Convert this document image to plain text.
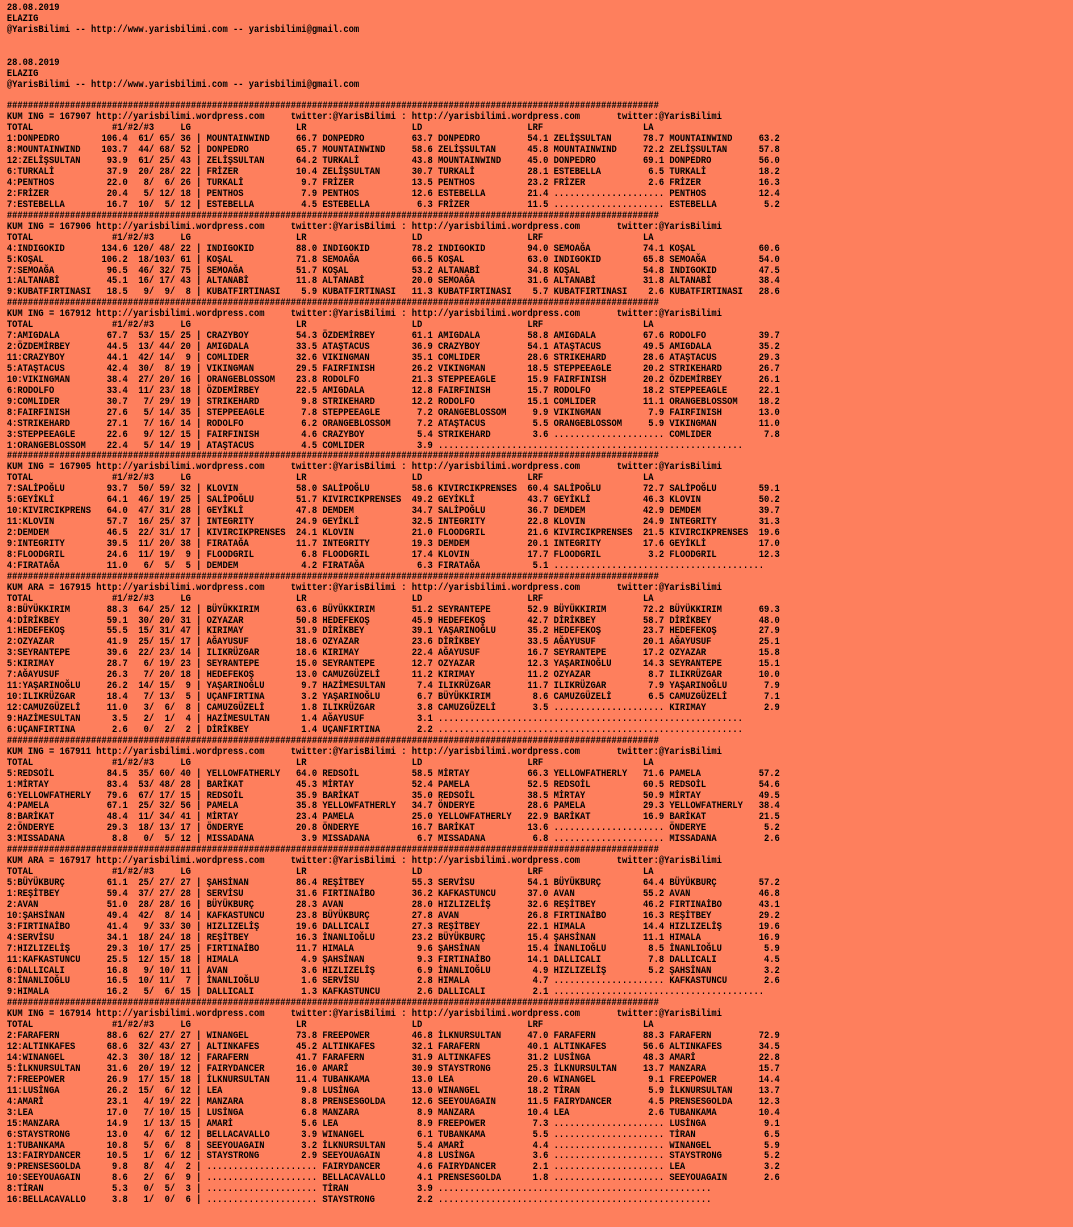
28.08.2019
ELAZIG
@YarisBilimi -- http://www.yarisbilimi.com -- yarisbilimi@gmail.com

28.08.2019
ELAZIG
@YarisBilimi -- http://www.yarisbilimi.com -- yarisbilimi@gmail.com

############################################################################################################################
KUM ING = 167907 http://yarisbilimi.wordpress.com     twitter:@YarisBilimi : http://yarisbilimi.wordpress.com       twitter:@YarisBilimi
TOTAL               #1/#2/#3     LG                    LR                    LD                    LRF                   LA
1:DONPEDRO        106.4  61/ 65/ 36 | MOUNTAINWIND     66.7 DONPEDRO         63.7 DONPEDRO         54.1 ZELİŞSULTAN      78.7 MOUNTAINWIND     63.2
8:MOUNTAINWIND    103.7  44/ 68/ 52 | DONPEDRO         65.7 MOUNTAINWIND     58.6 ZELİŞSULTAN      45.8 MOUNTAINWIND     72.2 ZELİŞSULTAN      57.8
12:ZELİŞSULTAN     93.9  61/ 25/ 43 | ZELİŞSULTAN      64.2 TURKALİ          43.8 MOUNTAINWIND     45.0 DONPEDRO         69.1 DONPEDRO         56.0
6:TURKALİ          37.9  20/ 28/ 22 | FRİZER           10.4 ZELİŞSULTAN      30.7 TURKALİ          28.1 ESTEBELLA         6.5 TURKALİ          18.2
4:PENTHOS          22.0   8/  6/ 26 | TURKALİ           9.7 FRİZER           13.5 PENTHOS          23.2 FRİZER            2.6 FRİZER           16.3
2:FRİZER           20.4   5/ 12/ 18 | PENTHOS           7.9 PENTHOS          12.6 ESTEBELLA        21.4 ..................... PENTHOS          12.4
7:ESTEBELLA        16.7  10/  5/ 12 | ESTEBELLA         4.5 ESTEBELLA         6.3 FRİZER           11.5 ..................... ESTEBELLA         5.2
############################################################################################################################
KUM ING = 167906 http://yarisbilimi.wordpress.com     twitter:@YarisBilimi : http://yarisbilimi.wordpress.com       twitter:@YarisBilimi
TOTAL               #1/#2/#3     LG                    LR                    LD                    LRF                   LA
4:INDIGOKID       134.6 120/ 48/ 22 | INDIGOKID        88.0 INDIGOKID        78.2 INDIGOKID        94.0 SEMOAĞA          74.1 KOŞAL            60.6
5:KOŞAL           106.2  18/103/ 61 | KOŞAL            71.8 SEMOAĞA          66.5 KOŞAL            63.0 INDIGOKID        65.8 SEMOAĞA          54.0
7:SEMOAĞA          96.5  46/ 32/ 75 | SEMOAĞA          51.7 KOŞAL            53.2 ALTANABİ         34.8 KOŞAL            54.8 INDIGOKID        47.5
1:ALTANABİ         45.1  16/ 17/ 43 | ALTANABİ         11.8 ALTANABİ         20.0 SEMOAĞA          31.6 ALTANABİ         31.8 ALTANABİ         38.4
9:KUBATFIRTINASI   18.5   9/  9/  8 | KUBATFIRTINASI    5.9 KUBATFIRTINASI   11.3 KUBATFIRTINASI    5.7 KUBATFIRTINASI    2.6 KUBATFIRTINASI   28.6
############################################################################################################################
KUM ING = 167912 http://yarisbilimi.wordpress.com     twitter:@YarisBilimi : http://yarisbilimi.wordpress.com       twitter:@YarisBilimi
TOTAL               #1/#2/#3     LG                    LR                    LD                    LRF                   LA
7:AMIGDALA         67.7  53/ 15/ 25 | CRAZYBOY         54.3 ÖZDEMİRBEY       61.1 AMIGDALA         58.8 AMIGDALA         67.6 RODOLFO          39.7
2:ÖZDEMİRBEY       44.5  13/ 44/ 20 | AMIGDALA         33.5 ATAŞTACUS        36.9 CRAZYBOY         54.1 ATAŞTACUS        49.5 AMIGDALA         35.2
11:CRAZYBOY        44.1  42/ 14/  9 | COMLIDER         32.6 VIKINGMAN        35.1 COMLIDER         28.6 STRIKEHARD       28.6 ATAŞTACUS        29.3
5:ATAŞTACUS        42.4  30/  8/ 19 | VIKINGMAN        29.5 FAIRFINISH       26.2 VIKINGMAN        18.5 STEPPEEAGLE      20.2 STRIKEHARD       26.7
10:VIKINGMAN       38.4  27/ 20/ 16 | ORANGEBLOSSOM    23.8 RODOLFO          21.3 STEPPEEAGLE      15.9 FAIRFINISH       20.2 ÖZDEMİRBEY       26.1
6:RODOLFO          33.4  11/ 23/ 18 | ÖZDEMİRBEY       22.5 AMIGDALA         12.8 FAIRFINISH       15.7 RODOLFO          18.2 STEPPEEAGLE      22.1
9:COMLIDER         30.7   7/ 29/ 19 | STRIKEHARD        9.8 STRIKEHARD       12.2 RODOLFO          15.1 COMLIDER         11.1 ORANGEBLOSSOM    18.2
8:FAIRFINISH       27.6   5/ 14/ 35 | STEPPEEAGLE       7.8 STEPPEEAGLE       7.2 ORANGEBLOSSOM     9.9 VIKINGMAN         7.9 FAIRFINISH       13.0
4:STRIKEHARD       27.1   7/ 16/ 14 | RODOLFO           6.2 ORANGEBLOSSOM     7.2 ATAŞTACUS         5.5 ORANGEBLOSSOM     5.9 VIKINGMAN        11.0
3:STEPPEEAGLE      22.6   9/ 12/ 15 | FAIRFINISH        4.6 CRAZYBOY          5.4 STRIKEHARD        3.6 ..................... COMLIDER          7.8
1:ORANGEBLOSSOM    22.4   5/ 14/ 19 | ATAŞTACUS         4.5 COMLIDER          3.9 ..........................................................
############################################################################################################################
KUM ING = 167905 http://yarisbilimi.wordpress.com     twitter:@YarisBilimi : http://yarisbilimi.wordpress.com       twitter:@YarisBilimi
TOTAL               #1/#2/#3     LG                    LR                    LD                    LRF                   LA
7:SALİPOĞLU        93.7  50/ 59/ 32 | KLOVIN           58.0 SALİPOĞLU        58.6 KIVIRCIKPRENSES  60.4 SALİPOĞLU        72.7 SALİPOĞLU        59.1
5:GEYİKLİ          64.1  46/ 19/ 25 | SALİPOĞLU        51.7 KIVIRCIKPRENSES  49.2 GEYİKLİ          43.7 GEYİKLİ          46.3 KLOVIN           50.2
10:KIVIRCIKPRENS   64.0  47/ 31/ 28 | GEYİKLİ          47.8 DEMDEM           34.7 SALİPOĞLU        36.7 DEMDEM           42.9 DEMDEM           39.7
11:KLOVIN          57.7  16/ 25/ 37 | INTEGRITY        24.9 GEYİKLİ          32.5 INTEGRITY        22.8 KLOVIN           24.9 INTEGRITY        31.3
2:DEMDEM           46.5  22/ 31/ 17 | KIVIRCIKPRENSES  24.1 KLOVIN           21.0 FLOODGRIL        21.6 KIVIRCIKPRENSES  21.5 KIVIRCIKPRENSES  19.6
9:INTEGRITY        39.5  11/ 20/ 38 | FIRATAĞA         11.7 INTEGRITY        19.3 DEMDEM           20.1 INTEGRITY        17.6 GEYİKLİ          17.0
8:FLOODGRIL        24.6  11/ 19/  9 | FLOODGRIL         6.8 FLOODGRIL        17.4 KLOVIN           17.7 FLOODGRIL         3.2 FLOODGRIL        12.3
4:FIRATAĞA         11.0   6/  5/  5 | DEMDEM            4.2 FIRATAĞA          6.3 FIRATAĞA          5.1 ........................................
############################################################################################################################
KUM ARA = 167915 http://yarisbilimi.wordpress.com     twitter:@YarisBilimi : http://yarisbilimi.wordpress.com       twitter:@YarisBilimi
TOTAL               #1/#2/#3     LG                    LR                    LD                    LRF                   LA
8:BÜYÜKKIRIM       88.3  64/ 25/ 12 | BÜYÜKKIRIM       63.6 BÜYÜKKIRIM       51.2 SEYRANTEPE       52.9 BÜYÜKKIRIM       72.2 BÜYÜKKIRIM       69.3
4:DİRİKBEY         59.1  30/ 20/ 31 | OZYAZAR          50.8 HEDEFEKOŞ        45.9 HEDEFEKOŞ        42.7 DİRİKBEY         58.7 DİRİKBEY         48.0
1:HEDEFEKOŞ        55.5  15/ 31/ 47 | KIRIMAY          31.9 DİRİKBEY         39.1 YAŞARINOĞLU      35.2 HEDEFEKOŞ        23.7 HEDEFEKOŞ        27.9
2:OZYAZAR          41.9  25/ 15/ 17 | AĞAYUSUF         18.6 OZYAZAR          23.6 DİRİKBEY         33.5 AĞAYUSUF         20.1 AĞAYUSUF         25.1
3:SEYRANTEPE       39.6  22/ 23/ 14 | ILIKRÜZGAR       18.6 KIRIMAY          22.4 AĞAYUSUF         16.7 SEYRANTEPE       17.2 OZYAZAR          15.8
5:KIRIMAY          28.7   6/ 19/ 23 | SEYRANTEPE       15.0 SEYRANTEPE       12.7 OZYAZAR          12.3 YAŞARINOĞLU      14.3 SEYRANTEPE       15.1
7:AĞAYUSUF         26.3   7/ 20/ 18 | HEDEFEKOŞ        13.0 CAMUZGÜZELİ      11.2 KIRIMAY          11.2 OZYAZAR           8.7 ILIKRÜZGAR       10.0
11:YAŞARINOĞLU     26.2  14/ 15/  9 | YAŞARINOĞLU       9.7 HAZİMESULTAN      7.4 ILIKRÜZGAR       11.7 ILIKRÜZGAR        7.9 YAŞARINOĞLU       7.9
10:ILIKRÜZGAR      18.4   7/ 13/  5 | UÇANFIRTINA       3.2 YAŞARINOĞLU       6.7 BÜYÜKKIRIM        8.6 CAMUZGÜZELİ       6.5 CAMUZGÜZELİ       7.1
12:CAMUZGÜZELİ     11.0   3/  6/  8 | CAMUZGÜZELİ       1.8 ILIKRÜZGAR        3.8 CAMUZGÜZELİ       3.5 ..................... KIRIMAY           2.9
9:HAZİMESULTAN      3.5   2/  1/  4 | HAZİMESULTAN      1.4 AĞAYUSUF          3.1 ..........................................................
6:UÇANFIRTINA       2.6   0/  2/  2 | DİRİKBEY          1.4 UÇANFIRTINA       2.2 ..........................................................
############################################################################################################################
KUM ING = 167911 http://yarisbilimi.wordpress.com     twitter:@YarisBilimi : http://yarisbilimi.wordpress.com       twitter:@YarisBilimi
TOTAL               #1/#2/#3     LG                    LR                    LD                    LRF                   LA
5:REDSOİL          84.5  35/ 60/ 40 | YELLOWFATHERLY   64.0 REDSOİL          58.5 MİRTAY           66.3 YELLOWFATHERLY   71.6 PAMELA           57.2
1:MİRTAY           83.4  53/ 48/ 28 | BARİKAT          45.3 MİRTAY           52.4 PAMELA           52.5 REDSOİL          60.5 REDSOİL          54.6
6:YELLOWFATHERLY   79.6  67/ 17/ 15 | REDSOİL          35.9 BARİKAT          35.0 REDSOİL          38.5 MİRTAY           50.9 MİRTAY           49.5
4:PAMELA           67.1  25/ 32/ 56 | PAMELA           35.8 YELLOWFATHERLY   34.7 ÖNDERYE          28.6 PAMELA           29.3 YELLOWFATHERLY   38.4
8:BARİKAT          48.4  11/ 34/ 41 | MİRTAY           23.4 PAMELA           25.0 YELLOWFATHERLY   22.9 BARİKAT          16.9 BARİKAT          21.5
2:ÖNDERYE          29.3  18/ 13/ 17 | ÖNDERYE          20.8 ÖNDERYE          16.7 BARİKAT          13.6 ..................... ÖNDERYE           5.2
3:MISSADANA         8.8   0/  5/ 12 | MISSADANA         3.9 MISSADANA         6.7 MISSADANA         6.8 ..................... MISSADANA         2.6
############################################################################################################################
KUM ARA = 167917 http://yarisbilimi.wordpress.com     twitter:@YarisBilimi : http://yarisbilimi.wordpress.com       twitter:@YarisBilimi
TOTAL               #1/#2/#3     LG                    LR                    LD                    LRF                   LA
5:BÜYÜKBURÇ        61.1  25/ 27/ 27 | ŞAHSİNAN         86.4 REŞİTBEY         55.3 SERVİSU          54.1 BÜYÜKBURÇ        64.4 BÜYÜKBURÇ        57.2
1:REŞİTBEY         59.4  37/ 27/ 28 | SERVİSU          31.6 FIRTINAİBO       36.2 KAFKASTUNCU      37.0 AVAN             55.2 AVAN             46.8
2:AVAN             51.0  28/ 28/ 16 | BÜYÜKBURÇ        28.3 AVAN             28.0 HIZLIZELİŞ       32.6 REŞİTBEY         46.2 FIRTINAİBO       43.1
10:ŞAHSİNAN        49.4  42/  8/ 14 | KAFKASTUNCU      23.8 BÜYÜKBURÇ        27.8 AVAN             26.8 FIRTINAİBO       16.3 REŞİTBEY         29.2
3:FIRTINAİBO       41.4   9/ 33/ 30 | HIZLIZELİŞ       19.6 DALLICALI        27.3 REŞİTBEY         22.1 HIMALA           14.4 HIZLIZELİŞ       19.6
4:SERVİSU          34.1  18/ 24/ 18 | REŞİTBEY         16.3 İNANLIOĞLU       23.2 BÜYÜKBURÇ        15.4 ŞAHSİNAN         11.1 HIMALA           16.9
7:HIZLIZELİŞ       29.3  10/ 17/ 25 | FIRTINAİBO       11.7 HIMALA            9.6 ŞAHSİNAN         15.4 İNANLIOĞLU        8.5 İNANLIOĞLU        5.9
11:KAFKASTUNCU     25.5  12/ 15/ 18 | HIMALA            4.9 ŞAHSİNAN          9.3 FIRTINAİBO       14.1 DALLICALI         7.8 DALLICALI         4.5
6:DALLICALI        16.8   9/ 10/ 11 | AVAN              3.6 HIZLIZELİŞ        6.9 İNANLIOĞLU        4.9 HIZLIZELİŞ        5.2 ŞAHSİNAN          3.2
8:İNANLIOĞLU       16.5  10/ 11/  7 | İNANLIOĞLU        1.6 SERVİSU           2.8 HIMALA            4.7 ..................... KAFKASTUNCU       2.6
9:HIMALA           16.2   5/  6/ 15 | DALLICALI         1.3 KAFKASTUNCU       2.6 DALLICALI         2.1 ........................................
############################################################################################################################
KUM ING = 167914 http://yarisbilimi.wordpress.com     twitter:@YarisBilimi : http://yarisbilimi.wordpress.com       twitter:@YarisBilimi
TOTAL               #1/#2/#3     LG                    LR                    LD                    LRF                   LA
2:FARAFERN         88.6  62/ 27/ 27 | WINANGEL         73.8 FREEPOWER        46.8 İLKNURSULTAN     47.0 FARAFERN         88.3 FARAFERN         72.9
12:ALTINKAFES      68.6  32/ 43/ 27 | ALTINKAFES       45.2 ALTINKAFES       32.1 FARAFERN         40.1 ALTINKAFES       56.6 ALTINKAFES       34.5
14:WINANGEL        42.3  30/ 18/ 12 | FARAFERN         41.7 FARAFERN         31.9 ALTINKAFES       31.2 LUSİNGA          48.3 AMARİ            22.8
5:İLKNURSULTAN     31.6  20/ 19/ 12 | FAIRYDANCER      16.0 AMARİ            30.9 STAYSTRONG       25.3 İLKNURSULTAN     13.7 MANZARA          15.7
7:FREEPOWER        26.9  17/ 15/ 18 | İLKNURSULTAN     11.4 TUBANKAMA        13.0 LEA              20.6 WINANGEL          9.1 FREEPOWER        14.4
11:LUSİNGA         26.2  15/  6/ 12 | LEA               9.8 LUSİNGA          13.0 WINANGEL         18.2 TİRAN             5.9 İLKNURSULTAN     13.7
4:AMARİ            23.1   4/ 19/ 22 | MANZARA           8.8 PRENSESGOLDA     12.6 SEEYOUAGAIN      11.5 FAIRYDANCER       4.5 PRENSESGOLDA     12.3
3:LEA              17.0   7/ 10/ 15 | LUSİNGA           6.8 MANZARA           8.9 MANZARA          10.4 LEA               2.6 TUBANKAMA        10.4
15:MANZARA         14.9   1/ 13/ 15 | AMARİ             5.6 LEA               8.9 FREEPOWER         7.3 ..................... LUSİNGA           9.1
6:STAYSTRONG       13.0   4/  6/ 12 | BELLACAVALLO      3.9 WINANGEL          6.1 TUBANKAMA         5.5 ..................... TİRAN             6.5
1:TUBANKAMA        10.8   5/  6/  8 | SEEYOUAGAIN       3.2 İLKNURSULTAN      5.4 AMARİ             4.4 ..................... WINANGEL          5.9
13:FAIRYDANCER     10.5   1/  6/ 12 | STAYSTRONG        2.9 SEEYOUAGAIN       4.8 LUSİNGA           3.6 ..................... STAYSTRONG        5.2
9:PRENSESGOLDA      9.8   8/  4/  2 | ..................... FAIRYDANCER       4.6 FAIRYDANCER       2.1 ..................... LEA               3.2
10:SEEYOUAGAIN      8.6   2/  6/  9 | ..................... BELLACAVALLO      4.1 PRENSESGOLDA      1.8 ..................... SEEYOUAGAIN       2.6
8:TİRAN             5.3   0/  5/  3 | ..................... TİRAN             3.9 ....................................................
16:BELLACAVALLO     3.8   1/  0/  6 | ..................... STAYSTRONG        2.2 ....................................................
